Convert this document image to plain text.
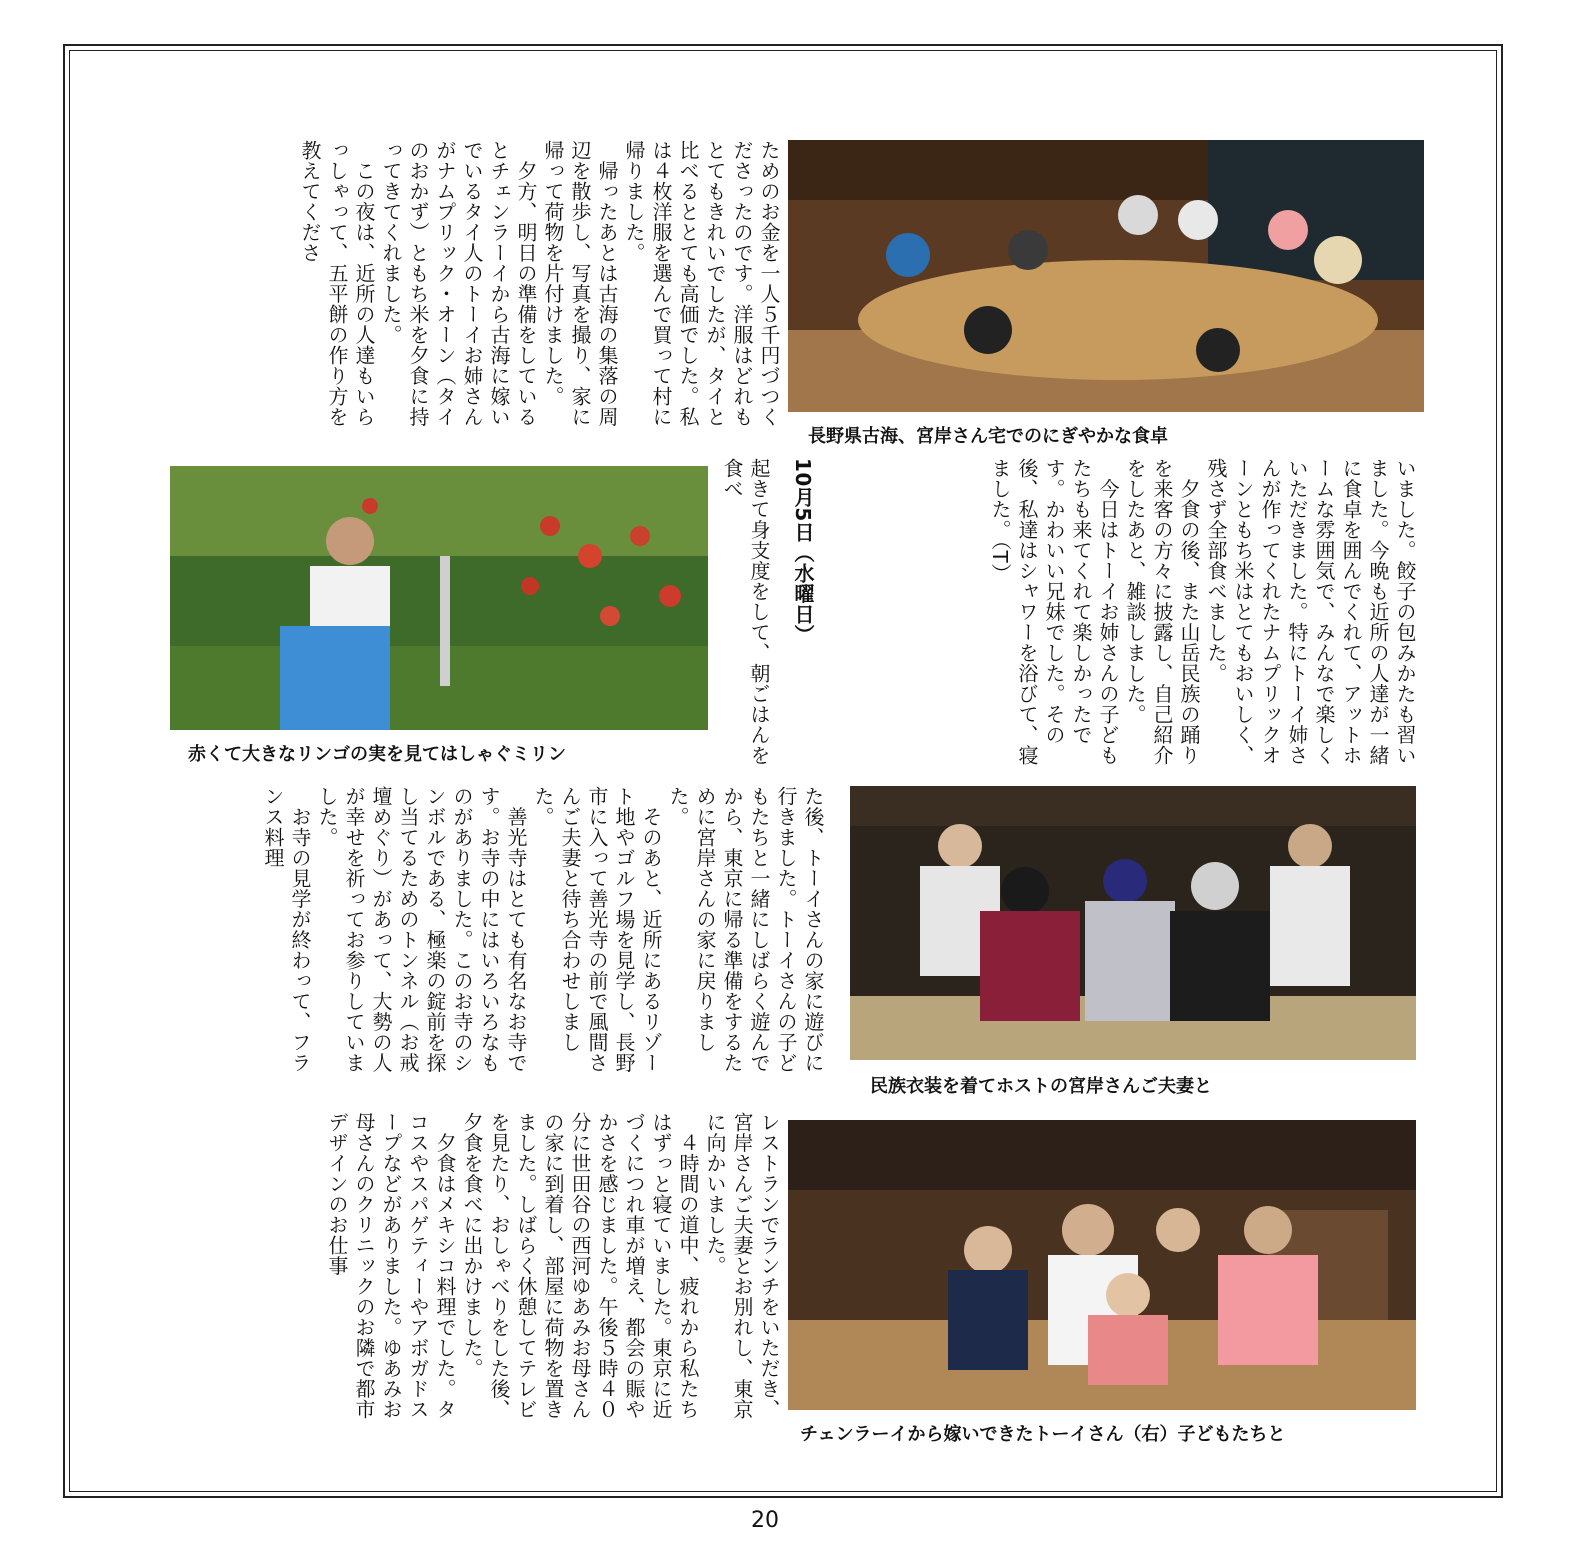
ためのお金を一人５千円づつくださったのです。洋服はどれもとてもきれいでしたが、タイと比べるととても高価でした。私は４枚洋服を選んで買って村に帰りました。
　帰ったあとは古海の集落の周辺を散歩し、写真を撮り、家に帰って荷物を片付けました。
　夕方、明日の準備をしているとチェンラーイから古海に嫁いでいるタイ人のトーイお姉さんがナムプリック・オーン（タイのおかず）ともち米を夕食に持ってきてくれました。
　この夜は、近所の人達もいらっしゃって、五平餅の作り方を教えてくださ
長野県古海、宮岸さん宅でのにぎやかな食卓
いました。餃子の包みかたも習いました。今晩も近所の人達が一緒に食卓を囲んでくれて、アットホームな雰囲気で、みんなで楽しくいただきました。特にトーイ姉さんが作ってくれたナムプリックオーンともち米はとてもおいしく、残さず全部食べました。
　夕食の後、また山岳民族の踊りを来客の方々に披露し、自己紹介をしたあと、雑談しました。
　今日はトーイお姉さんの子どもたちも来てくれて楽しかったです。かわいい兄妹でした。その後、私達はシャワーを浴びて、寝ました。（T）
10月5日（水曜日）
起きて身支度をして、朝ごはんを食べ
赤くて大きなリンゴの実を見てはしゃぐミリン
た後、トーイさんの家に遊びに行きました。トーイさんの子どもたちと一緒にしばらく遊んでから、東京に帰る準備をするために宮岸さんの家に戻りました。
　そのあと、近所にあるリゾート地やゴルフ場を見学し、長野市に入って善光寺の前で風間さんご夫妻と待ち合わせしました。
　善光寺はとても有名なお寺です。お寺の中にはいろいろなものがありました。このお寺のシンボルである、極楽の錠前を探し当てるためのトンネル（お戒壇めぐり）があって、大勢の人が幸せを祈ってお参りしていました。
　お寺の見学が終わって、フランス料理
民族衣装を着てホストの宮岸さんご夫妻と
レストランでランチをいただき、宮岸さんご夫妻とお別れし、東京に向かいました。
　４時間の道中、疲れから私たちはずっと寝ていました。東京に近づくにつれ車が増え、都会の賑やかさを感じました。午後５時４０分に世田谷の西河ゆあみお母さんの家に到着し、部屋に荷物を置きました。しばらく休憩してテレビを見たり、おしゃべりをした後、夕食を食べに出かけました。
　夕食はメキシコ料理でした。タコスやスパゲティーやアボガドスープなどがありました。ゆあみお母さんのクリニックのお隣で都市デザインのお仕事
チェンラーイから嫁いできたトーイさん（右）子どもたちと
20
